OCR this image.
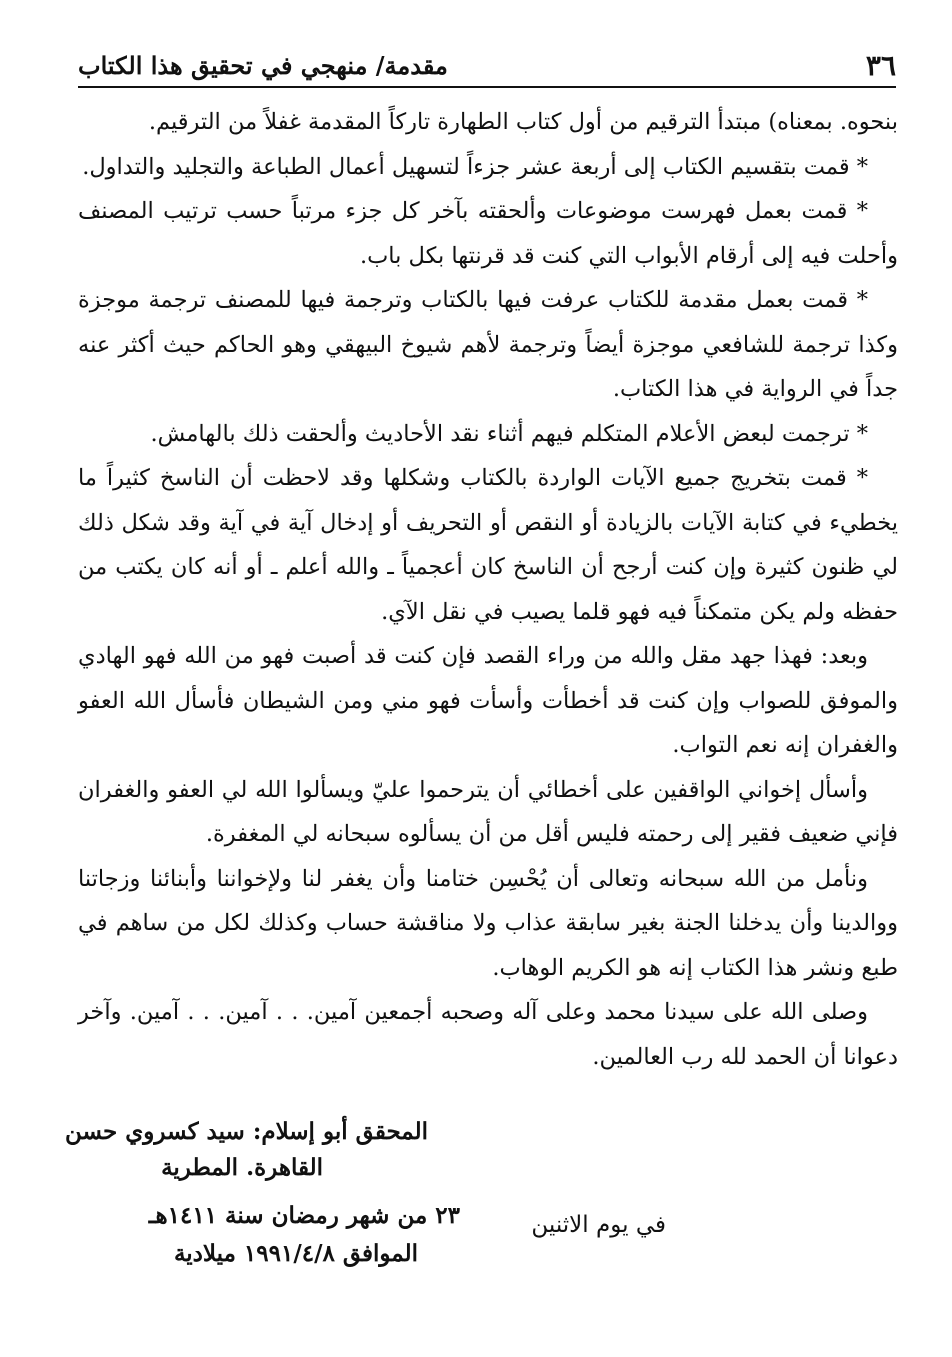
٣٦
مقدمة/ منهجي في تحقيق هذا الكتاب

بنحوه. بمعناه) مبتدأ الترقيم من أول كتاب الطهارة تاركاً المقدمة غفلاً من الترقيم.

* قمت بتقسيم الكتاب إلى أربعة عشر جزءاً لتسهيل أعمال الطباعة والتجليد والتداول.

* قمت بعمل فهرست موضوعات وألحقته بآخر كل جزء مرتباً حسب ترتيب المصنف وأحلت فيه إلى أرقام الأبواب التي كنت قد قرنتها بكل باب.

* قمت بعمل مقدمة للكتاب عرفت فيها بالكتاب وترجمة فيها للمصنف ترجمة موجزة وكذا ترجمة للشافعي موجزة أيضاً وترجمة لأهم شيوخ البيهقي وهو الحاكم حيث أكثر عنه جداً في الرواية في هذا الكتاب.

* ترجمت لبعض الأعلام المتكلم فيهم أثناء نقد الأحاديث وألحقت ذلك بالهامش.

* قمت بتخريج جميع الآيات الواردة بالكتاب وشكلها وقد لاحظت أن الناسخ كثيراً ما يخطيء في كتابة الآيات بالزيادة أو النقص أو التحريف أو إدخال آية في آية وقد شكل ذلك لي ظنون كثيرة وإن كنت أرجح أن الناسخ كان أعجمياً ـ والله أعلم ـ أو أنه كان يكتب من حفظه ولم يكن متمكناً فيه فهو قلما يصيب في نقل الآي.

وبعد: فهذا جهد مقل والله من وراء القصد فإن كنت قد أصبت فهو من الله فهو الهادي والموفق للصواب وإن كنت قد أخطأت وأسأت فهو مني ومن الشيطان فأسأل الله العفو والغفران إنه نعم التواب.

وأسأل إخواني الواقفين على أخطائي أن يترحموا عليّ ويسألوا الله لي العفو والغفران فإني ضعيف فقير إلى رحمته فليس أقل من أن يسألوه سبحانه لي المغفرة.

ونأمل من الله سبحانه وتعالى أن يُحْسِن ختامنا وأن يغفر لنا ولإخواننا وأبنائنا وزجاتنا ووالدينا وأن يدخلنا الجنة بغير سابقة عذاب ولا مناقشة حساب وكذلك لكل من ساهم في طبع ونشر هذا الكتاب إنه هو الكريم الوهاب.

وصلى الله على سيدنا محمد وعلى آله وصحبه أجمعين آمين. . . آمين. . . آمين. وآخر دعوانا أن الحمد لله رب العالمين.

المحقق أبو إسلام: سيد كسروي حسن
القاهرة. المطرية
٢٣ من شهر رمضان سنة ١٤١١هـ
الموافق ١٩٩١/٤/٨ ميلادية
في يوم الاثنين
